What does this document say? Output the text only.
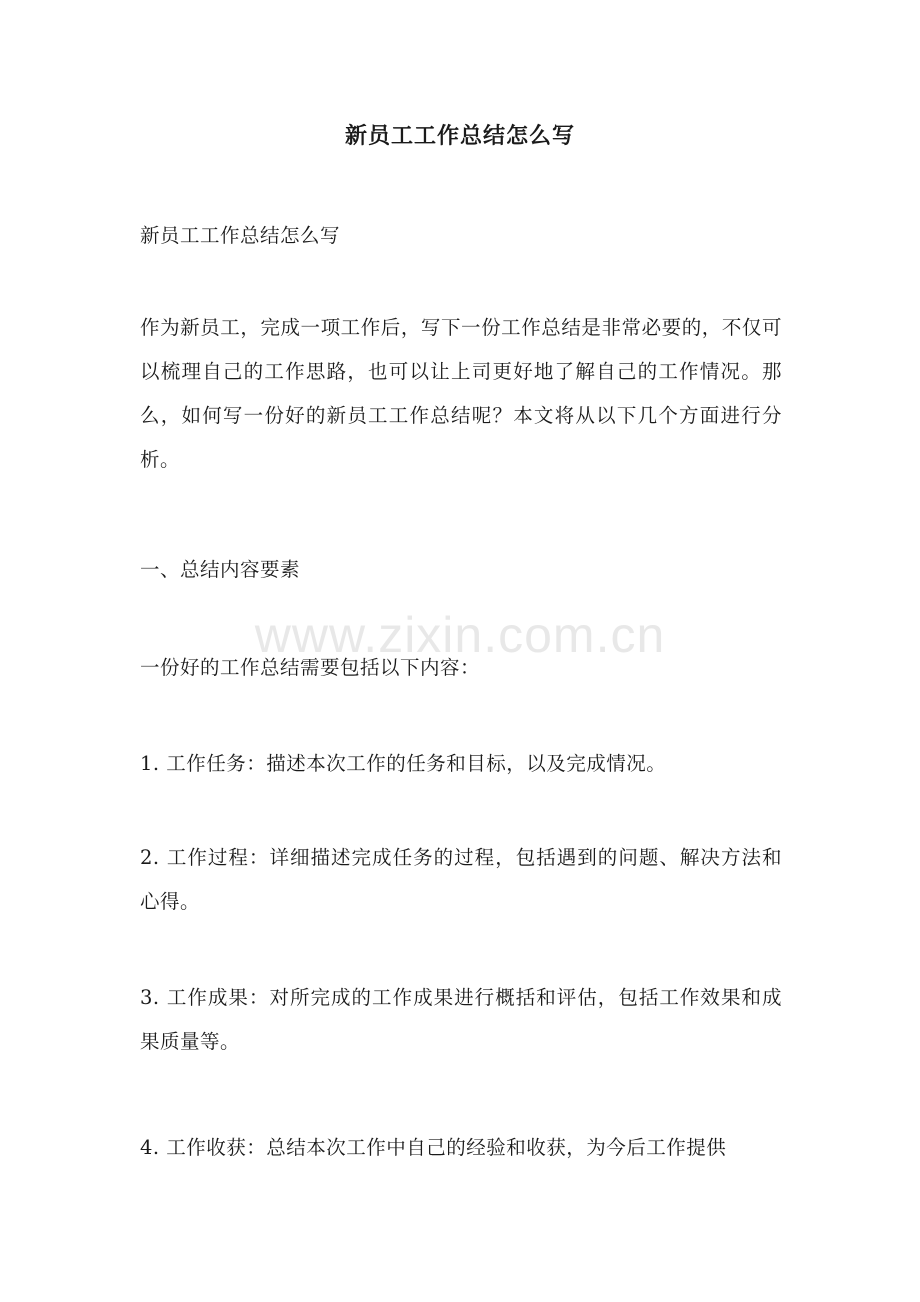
新员工工作总结怎么写
新员工工作总结怎么写
作为新员工，完成一项工作后，写下一份工作总结是非常必要的，不仅可以梳理自己的工作思路，也可以让上司更好地了解自己的工作情况。那么，如何写一份好的新员工工作总结呢？本文将从以下几个方面进行分析。
一、总结内容要素
一份好的工作总结需要包括以下内容：
1. 工作任务：描述本次工作的任务和目标，以及完成情况。
2. 工作过程：详细描述完成任务的过程，包括遇到的问题、解决方法和心得。
3. 工作成果：对所完成的工作成果进行概括和评估，包括工作效果和成果质量等。
4. 工作收获：总结本次工作中自己的经验和收获，为今后工作提供
www.zixin.com.cn
